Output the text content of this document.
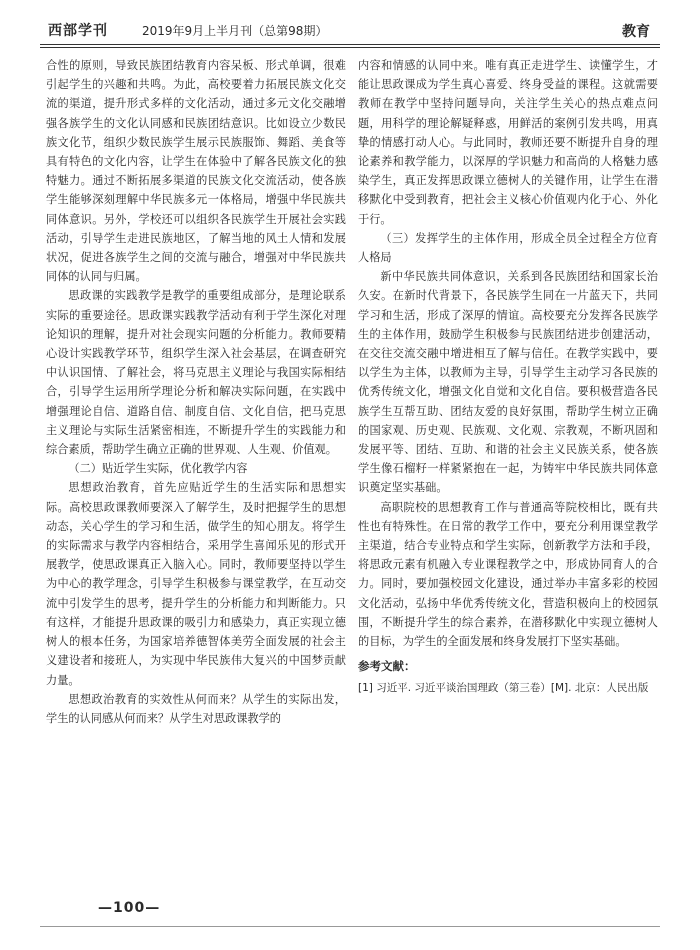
西部学刊	2019年9月上半月刊（总第98期）	教育

合性的原则，导致民族团结教育内容呆板、形式单调，很难引起学生的兴趣和共鸣。为此，高校要着力拓展民族文化交流的渠道，提升形式多样的文化活动，通过多元文化交融增强各族学生的文化认同感和民族团结意识。比如设立少数民族文化节，组织少数民族学生展示民族服饰、舞蹈、美食等具有特色的文化内容，让学生在体验中了解各民族文化的独特魅力。通过不断拓展多渠道的民族文化交流活动，使各族学生能够深刻理解中华民族多元一体格局，增强中华民族共同体意识。另外，学校还可以组织各民族学生开展社会实践活动，引导学生走进民族地区，了解当地的风土人情和发展状况，促进各族学生之间的交流与融合，增强对中华民族共同体的认同与归属。

思政课的实践教学是教学的重要组成部分，是理论联系实际的重要途径。思政课实践教学活动有利于学生深化对理论知识的理解，提升对社会现实问题的分析能力。教师要精心设计实践教学环节，组织学生深入社会基层，在调查研究中认识国情、了解社会，将马克思主义理论与我国实际相结合，引导学生运用所学理论分析和解决实际问题，在实践中增强理论自信、道路自信、制度自信、文化自信，把马克思主义理论与实际生活紧密相连，不断提升学生的实践能力和综合素质，帮助学生确立正确的世界观、人生观、价值观。

（二）贴近学生实际，优化教学内容

思想政治教育，首先应贴近学生的生活实际和思想实际。高校思政课教师要深入了解学生，及时把握学生的思想动态，关心学生的学习和生活，做学生的知心朋友。将学生的实际需求与教学内容相结合，采用学生喜闻乐见的形式开展教学，使思政课真正入脑入心。同时，教师要坚持以学生为中心的教学理念，引导学生积极参与课堂教学，在互动交流中引发学生的思考，提升学生的分析能力和判断能力。只有这样，才能提升思政课的吸引力和感染力，真正实现立德树人的根本任务，为国家培养德智体美劳全面发展的社会主义建设者和接班人，为实现中华民族伟大复兴的中国梦贡献力量。

思想政治教育的实效性从何而来？从学生的实际出发，学生的认同感从何而来？从学生对思政课教学的

内容和情感的认同中来。唯有真正走进学生、读懂学生，才能让思政课成为学生真心喜爱、终身受益的课程。这就需要教师在教学中坚持问题导向，关注学生关心的热点难点问题，用科学的理论解疑释惑，用鲜活的案例引发共鸣，用真挚的情感打动人心。与此同时，教师还要不断提升自身的理论素养和教学能力，以深厚的学识魅力和高尚的人格魅力感染学生，真正发挥思政课立德树人的关键作用，让学生在潜移默化中受到教育，把社会主义核心价值观内化于心、外化于行。

（三）发挥学生的主体作用，形成全员全过程全方位育人格局

新中华民族共同体意识，关系到各民族团结和国家长治久安。在新时代背景下，各民族学生同在一片蓝天下，共同学习和生活，形成了深厚的情谊。高校要充分发挥各民族学生的主体作用，鼓励学生积极参与民族团结进步创建活动，在交往交流交融中增进相互了解与信任。在教学实践中，要以学生为主体，以教师为主导，引导学生主动学习各民族的优秀传统文化，增强文化自觉和文化自信。要积极营造各民族学生互帮互助、团结友爱的良好氛围，帮助学生树立正确的国家观、历史观、民族观、文化观、宗教观，不断巩固和发展平等、团结、互助、和谐的社会主义民族关系，使各族学生像石榴籽一样紧紧抱在一起，为铸牢中华民族共同体意识奠定坚实基础。

高职院校的思想教育工作与普通高等院校相比，既有共性也有特殊性。在日常的教学工作中，要充分利用课堂教学主渠道，结合专业特点和学生实际，创新教学方法和手段，将思政元素有机融入专业课程教学之中，形成协同育人的合力。同时，要加强校园文化建设，通过举办丰富多彩的校园文化活动，弘扬中华优秀传统文化，营造积极向上的校园氛围，不断提升学生的综合素养，在潜移默化中实现立德树人的目标，为学生的全面发展和终身发展打下坚实基础。

参考文献：

[1] 习近平. 习近平谈治国理政（第三卷）[M]. 北京：人民出版

—100—
